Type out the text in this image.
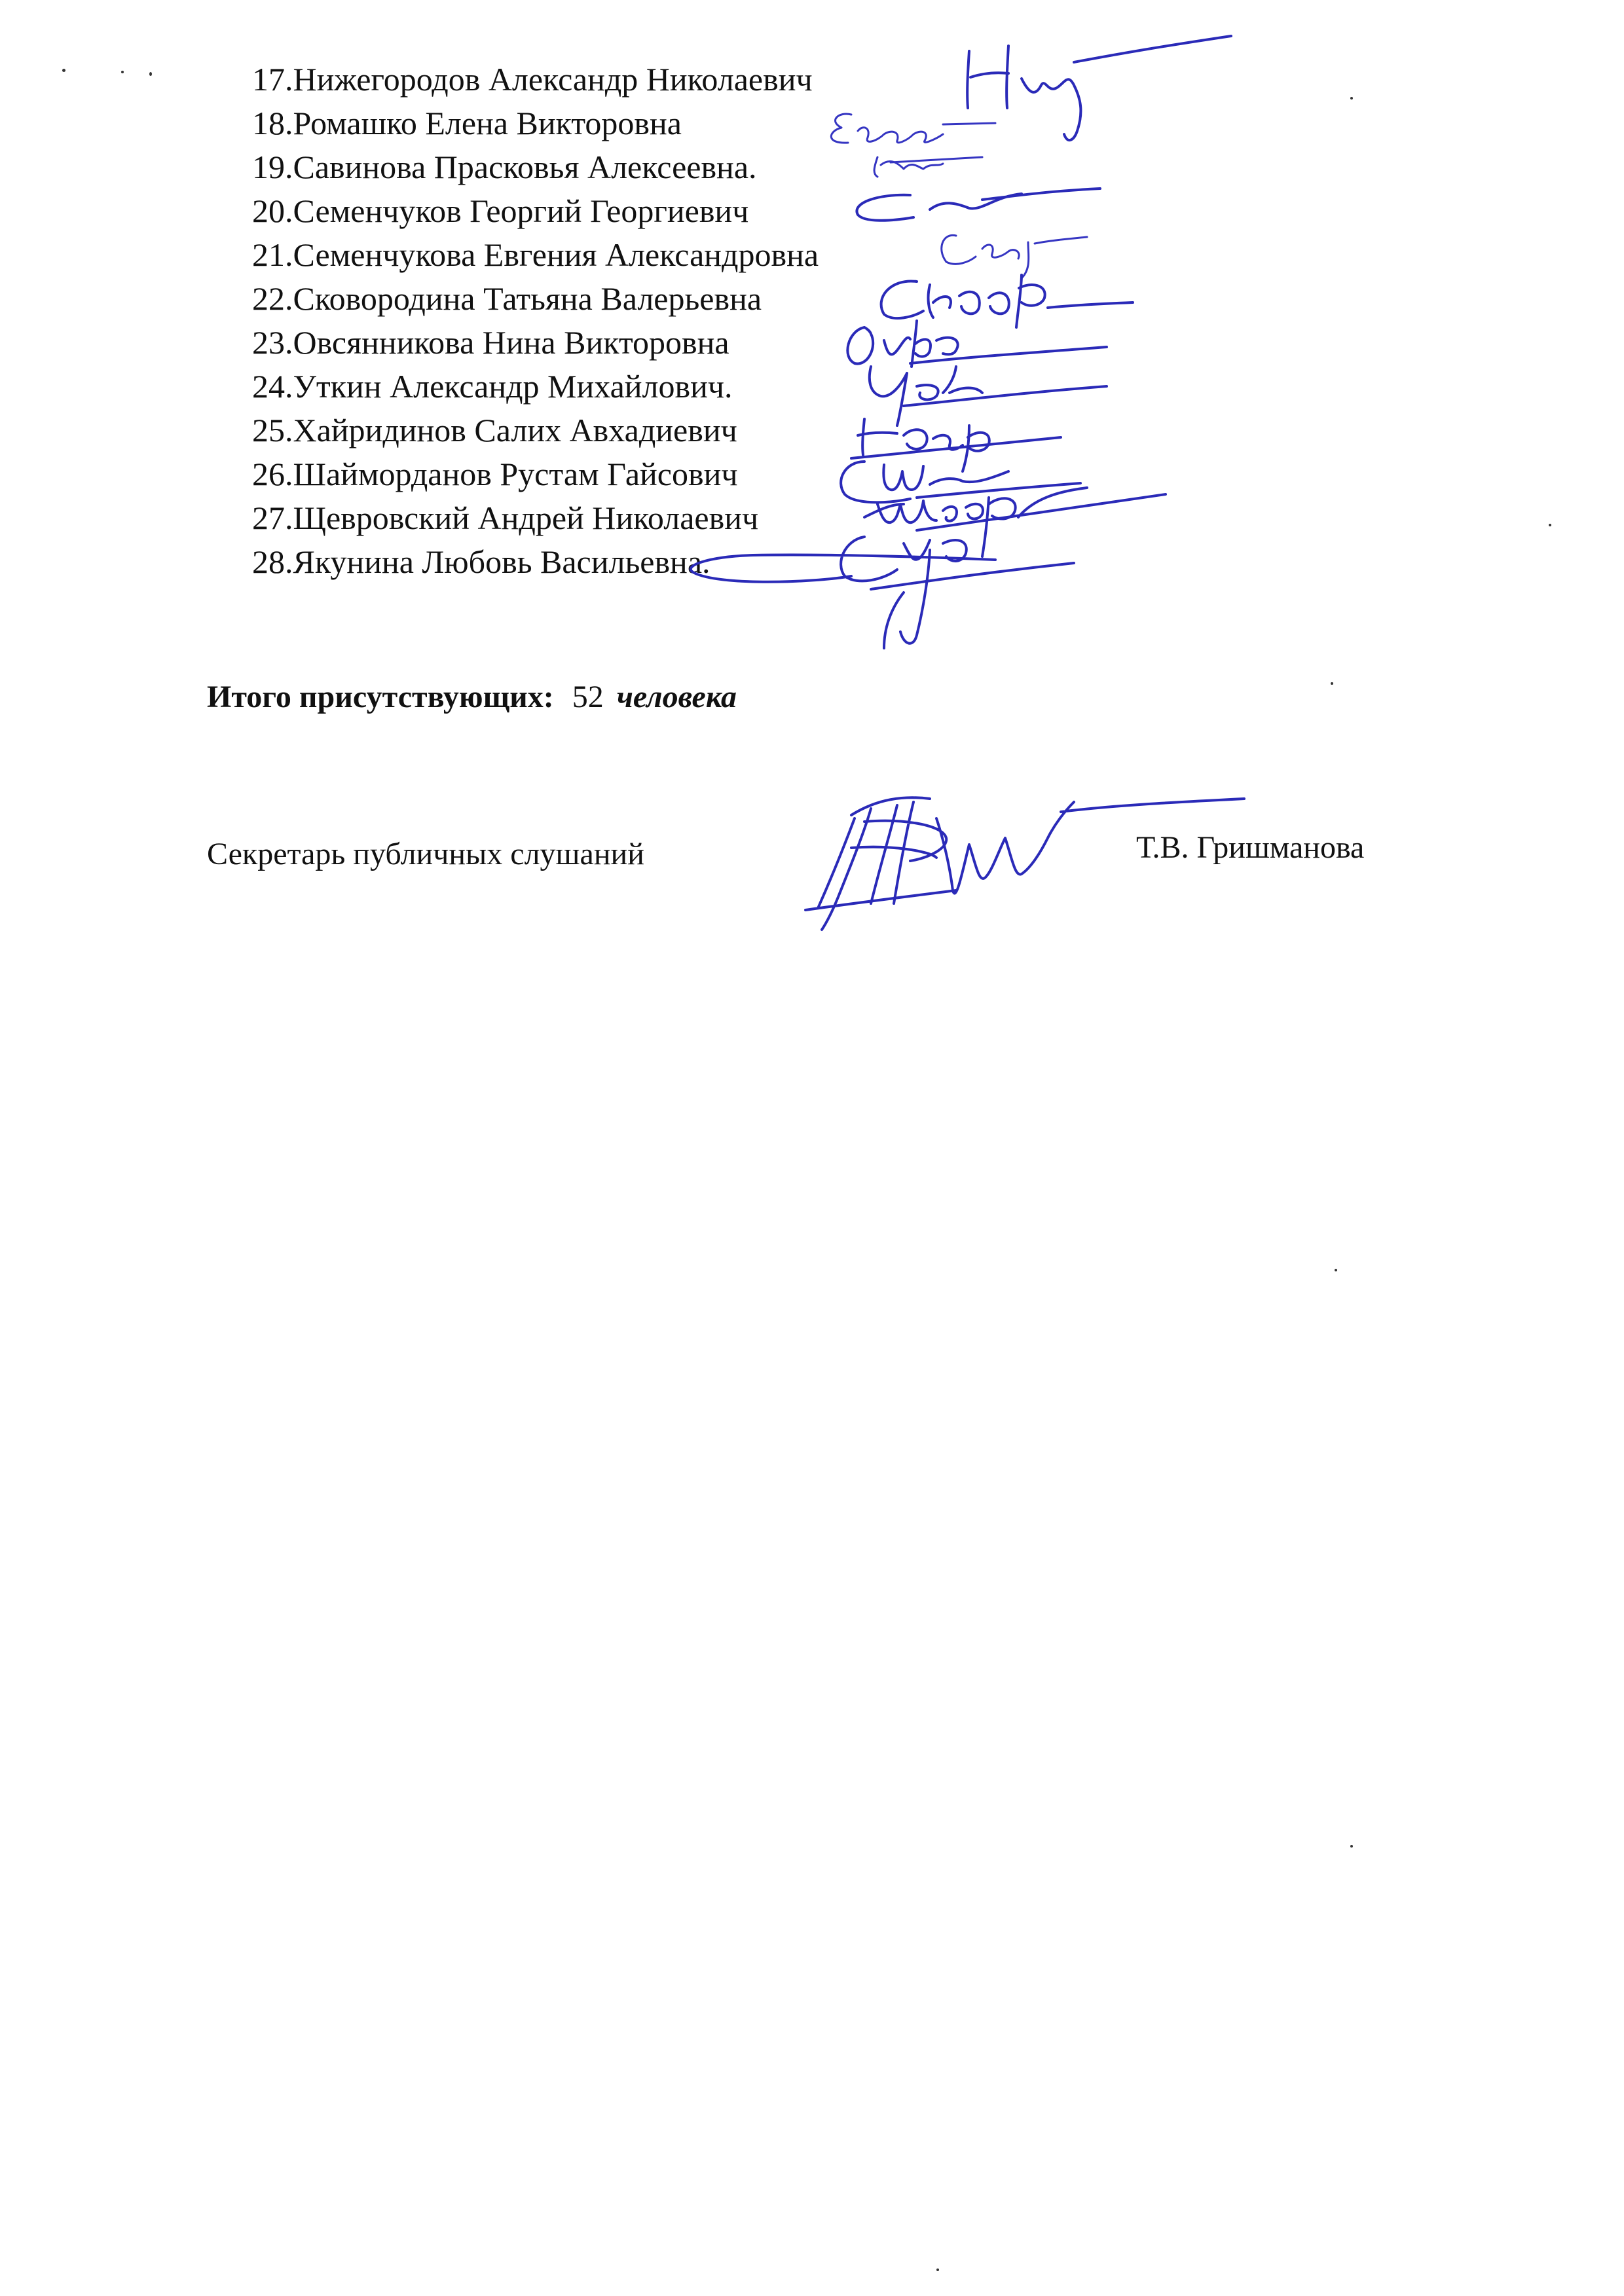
17.Нижегородов Александр Николаевич
18.Ромашко Елена Викторовна
19.Савинова Прасковья Алексеевна.
20.Семенчуков Георгий Георгиевич
21.Семенчукова Евгения Александровна
22.Сковородина Татьяна Валерьевна
23.Овсянникова Нина Викторовна
24.Уткин Александр Михайлович.
25.Хайридинов Салих Авхадиевич
26.Шайморданов Рустам Гайсович
27.Щевровский Андрей Николаевич
28.Якунина Любовь Васильевна.
Итого присутствующих: 52 человека
Секретарь публичных слушаний	Т.В. Гришманова
